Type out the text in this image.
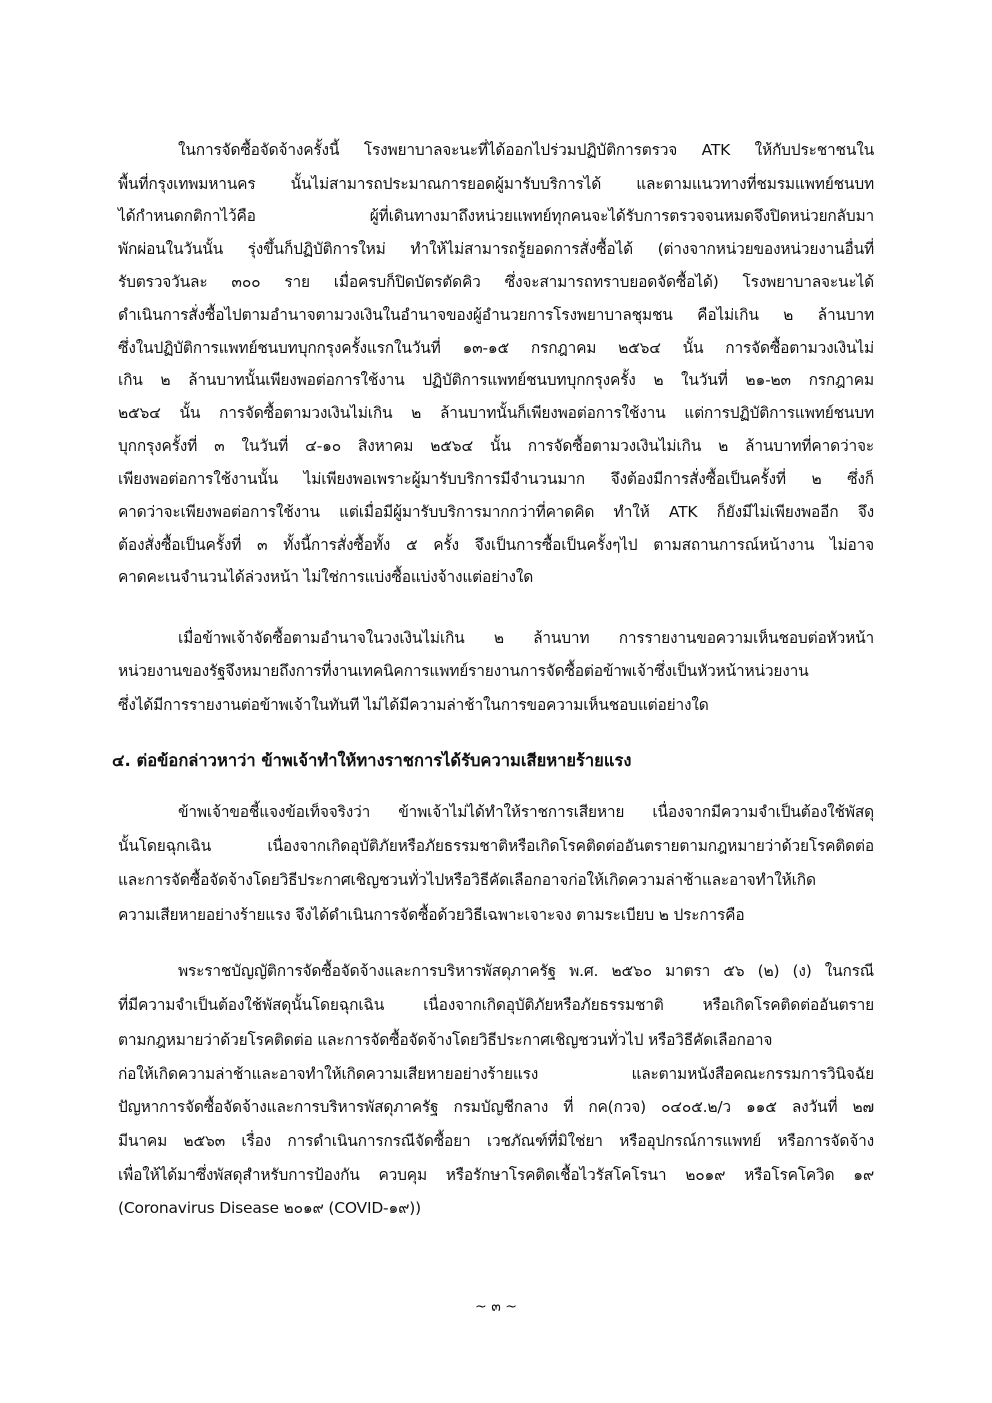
ในการจัดซื้อจัดจ้างครั้งนี้ โรงพยาบาลจะนะที่ได้ออกไปร่วมปฏิบัติการตรวจ ATK ให้กับประชาชนใน
พื้นที่กรุงเทพมหานคร นั้นไม่สามารถประมาณการยอดผู้มารับบริการได้ และตามแนวทางที่ชมรมแพทย์ชนบท
ได้กำหนดกติกาไว้คือ ผู้ที่เดินทางมาถึงหน่วยแพทย์ทุกคนจะได้รับการตรวจจนหมดจึงปิดหน่วยกลับมา
พักผ่อนในวันนั้น รุ่งขึ้นก็ปฏิบัติการใหม่ ทำให้ไม่สามารถรู้ยอดการสั่งซื้อได้ (ต่างจากหน่วยของหน่วยงานอื่นที่
รับตรวจวันละ ๓๐๐ ราย เมื่อครบก็ปิดบัตรตัดคิว ซึ่งจะสามารถทราบยอดจัดซื้อได้) โรงพยาบาลจะนะได้
ดำเนินการสั่งซื้อไปตามอำนาจตามวงเงินในอำนาจของผู้อำนวยการโรงพยาบาลชุมชน คือไม่เกิน ๒ ล้านบาท
ซึ่งในปฏิบัติการแพทย์ชนบทบุกกรุงครั้งแรกในวันที่ ๑๓-๑๕ กรกฎาคม ๒๕๖๔ นั้น การจัดซื้อตามวงเงินไม่
เกิน ๒ ล้านบาทนั้นเพียงพอต่อการใช้งาน ปฏิบัติการแพทย์ชนบทบุกกรุงครั้ง ๒ ในวันที่ ๒๑-๒๓ กรกฎาคม
๒๕๖๔ นั้น การจัดซื้อตามวงเงินไม่เกิน ๒ ล้านบาทนั้นก็เพียงพอต่อการใช้งาน แต่การปฏิบัติการแพทย์ชนบท
บุกกรุงครั้งที่ ๓ ในวันที่ ๔-๑๐ สิงหาคม ๒๕๖๔ นั้น การจัดซื้อตามวงเงินไม่เกิน ๒ ล้านบาทที่คาดว่าจะ
เพียงพอต่อการใช้งานนั้น ไม่เพียงพอเพราะผู้มารับบริการมีจำนวนมาก จึงต้องมีการสั่งซื้อเป็นครั้งที่ ๒ ซึ่งก็
คาดว่าจะเพียงพอต่อการใช้งาน แต่เมื่อมีผู้มารับบริการมากกว่าที่คาดคิด ทำให้ ATK ก็ยังมีไม่เพียงพออีก จึง
ต้องสั่งซื้อเป็นครั้งที่ ๓ ทั้งนี้การสั่งซื้อทั้ง ๕ ครั้ง จึงเป็นการซื้อเป็นครั้งๆไป ตามสถานการณ์หน้างาน ไม่อาจ
คาดคะเนจำนวนได้ล่วงหน้า ไม่ใช่การแบ่งซื้อแบ่งจ้างแต่อย่างใด
เมื่อข้าพเจ้าจัดซื้อตามอำนาจในวงเงินไม่เกิน ๒ ล้านบาท การรายงานขอความเห็นชอบต่อหัวหน้า
หน่วยงานของรัฐจึงหมายถึงการที่งานเทคนิคการแพทย์รายงานการจัดซื้อต่อข้าพเจ้าซึ่งเป็นหัวหน้าหน่วยงาน
ซึ่งได้มีการรายงานต่อข้าพเจ้าในทันที ไม่ได้มีความล่าช้าในการขอความเห็นชอบแต่อย่างใด
๔. ต่อข้อกล่าวหาว่า ข้าพเจ้าทำให้ทางราชการได้รับความเสียหายร้ายแรง
ข้าพเจ้าขอชี้แจงข้อเท็จจริงว่า ข้าพเจ้าไม่ได้ทำให้ราชการเสียหาย เนื่องจากมีความจำเป็นต้องใช้พัสดุ
นั้นโดยฉุกเฉิน เนื่องจากเกิดอุบัติภัยหรือภัยธรรมชาติหรือเกิดโรคติดต่ออันตรายตามกฎหมายว่าด้วยโรคติดต่อ
และการจัดซื้อจัดจ้างโดยวิธีประกาศเชิญชวนทั่วไปหรือวิธีคัดเลือกอาจก่อให้เกิดความล่าช้าและอาจทำให้เกิด
ความเสียหายอย่างร้ายแรง จึงได้ดำเนินการจัดซื้อด้วยวิธีเฉพาะเจาะจง ตามระเบียบ ๒ ประการคือ
พระราชบัญญัติการจัดซื้อจัดจ้างและการบริหารพัสดุภาครัฐ พ.ศ. ๒๕๖๐ มาตรา ๕๖ (๒) (ง) ในกรณี
ที่มีความจำเป็นต้องใช้พัสดุนั้นโดยฉุกเฉิน เนื่องจากเกิดอุบัติภัยหรือภัยธรรมชาติ หรือเกิดโรคติดต่ออันตราย
ตามกฎหมายว่าด้วยโรคติดต่อ และการจัดซื้อจัดจ้างโดยวิธีประกาศเชิญชวนทั่วไป หรือวิธีคัดเลือกอาจ
ก่อให้เกิดความล่าช้าและอาจทำให้เกิดความเสียหายอย่างร้ายแรง และตามหนังสือคณะกรรมการวินิจฉัย
ปัญหาการจัดซื้อจัดจ้างและการบริหารพัสดุภาครัฐ กรมบัญชีกลาง ที่ กค(กวจ) ๐๔๐๕.๒/ว ๑๑๕ ลงวันที่ ๒๗
มีนาคม ๒๕๖๓ เรื่อง การดำเนินการกรณีจัดซื้อยา เวชภัณฑ์ที่มิใช่ยา หรืออุปกรณ์การแพทย์ หรือการจัดจ้าง
เพื่อให้ได้มาซึ่งพัสดุสำหรับการป้องกัน ควบคุม หรือรักษาโรคติดเชื้อไวรัสโคโรนา ๒๐๑๙ หรือโรคโควิด ๑๙
(Coronavirus Disease ๒๐๑๙ (COVID-๑๙))
~ ๓ ~
